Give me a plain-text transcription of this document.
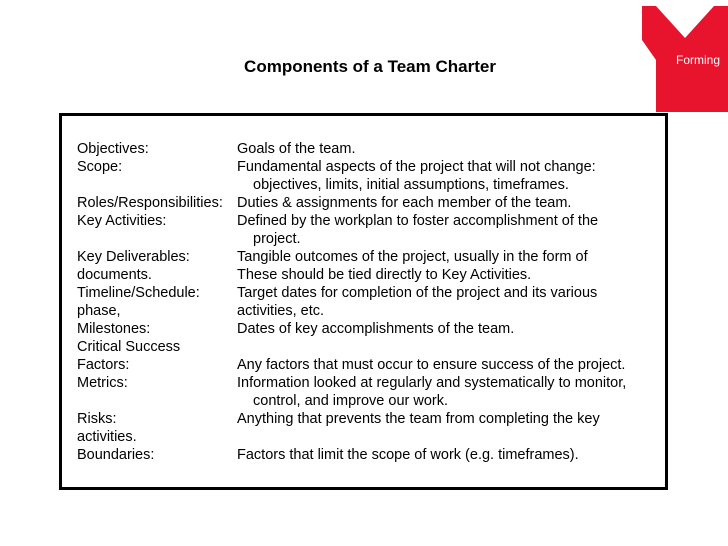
Components of a Team Charter	Forming
Objectives:	Goals of the team.
Scope:	Fundamental aspects of the project that will not change:
objectives, limits, initial assumptions, timeframes.
Roles/Responsibilities: Duties & assignments for each member of the team.
Key Activities:	Defined by the workplan to foster accomplishment of the
project.
Key Deliverables:	Tangible outcomes of the project, usually in the form of
documents.	These should be tied directly to Key Activities.
Timeline/Schedule:	Target dates for completion of the project and its various
phase,	activities, etc.
Milestones:	Dates of key accomplishments of the team.
Critical Success
Factors:	Any factors that must occur to ensure success of the project.
Metrics:	Information looked at regularly and systematically to monitor,
control, and improve our work.
Risks:	Anything that prevents the team from completing the key
activities.
Boundaries:	Factors that limit the scope of work (e.g. timeframes).
